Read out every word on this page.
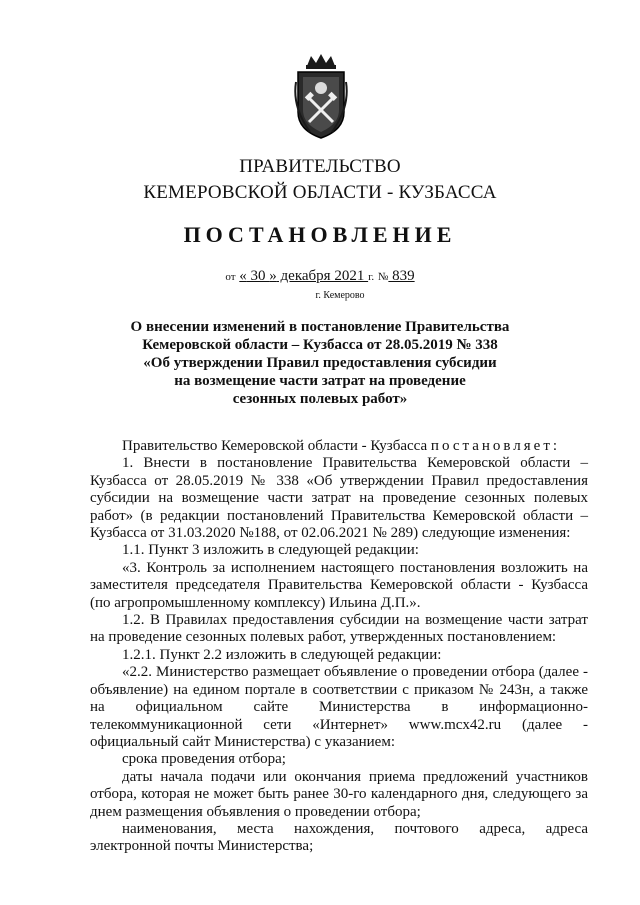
ПРАВИТЕЛЬСТВО
КЕМЕРОВСКОЙ ОБЛАСТИ - КУЗБАССА
ПОСТАНОВЛЕНИЕ
от « 30 » декабря 2021 г. № 839
г. Кемерово
О внесении изменений в постановление Правительства
Кемеровской области – Кузбасса от 28.05.2019 № 338
«Об утверждении Правил предоставления субсидии
на возмещение части затрат на проведение
сезонных полевых работ»

Правительство Кемеровской области - Кузбасса постановляет:

1. Внести в постановление Правительства Кемеровской области – Кузбасса от 28.05.2019 № 338 «Об утверждении Правил предоставления субсидии на возмещение части затрат на проведение сезонных полевых работ» (в редакции постановлений Правительства Кемеровской области – Кузбасса от 31.03.2020 №188, от 02.06.2021 № 289) следующие изменения:

1.1. Пункт 3 изложить в следующей редакции:

«3. Контроль за исполнением настоящего постановления возложить на заместителя председателя Правительства Кемеровской области - Кузбасса (по агропромышленному комплексу) Ильина Д.П.».

1.2. В Правилах предоставления субсидии на возмещение части затрат на проведение сезонных полевых работ, утвержденных постановлением:

1.2.1. Пункт 2.2 изложить в следующей редакции:

«2.2. Министерство размещает объявление о проведении отбора (далее - объявление) на едином портале в соответствии с приказом № 243н, а также на официальном сайте Министерства в информационно-телекоммуникационной сети «Интернет» www.mcx42.ru (далее - официальный сайт Министерства) с указанием:

срока проведения отбора;

даты начала подачи или окончания приема предложений участников отбора, которая не может быть ранее 30-го календарного дня, следующего за днем размещения объявления о проведении отбора;

наименования, места нахождения, почтового адреса, адреса электронной почты Министерства;
